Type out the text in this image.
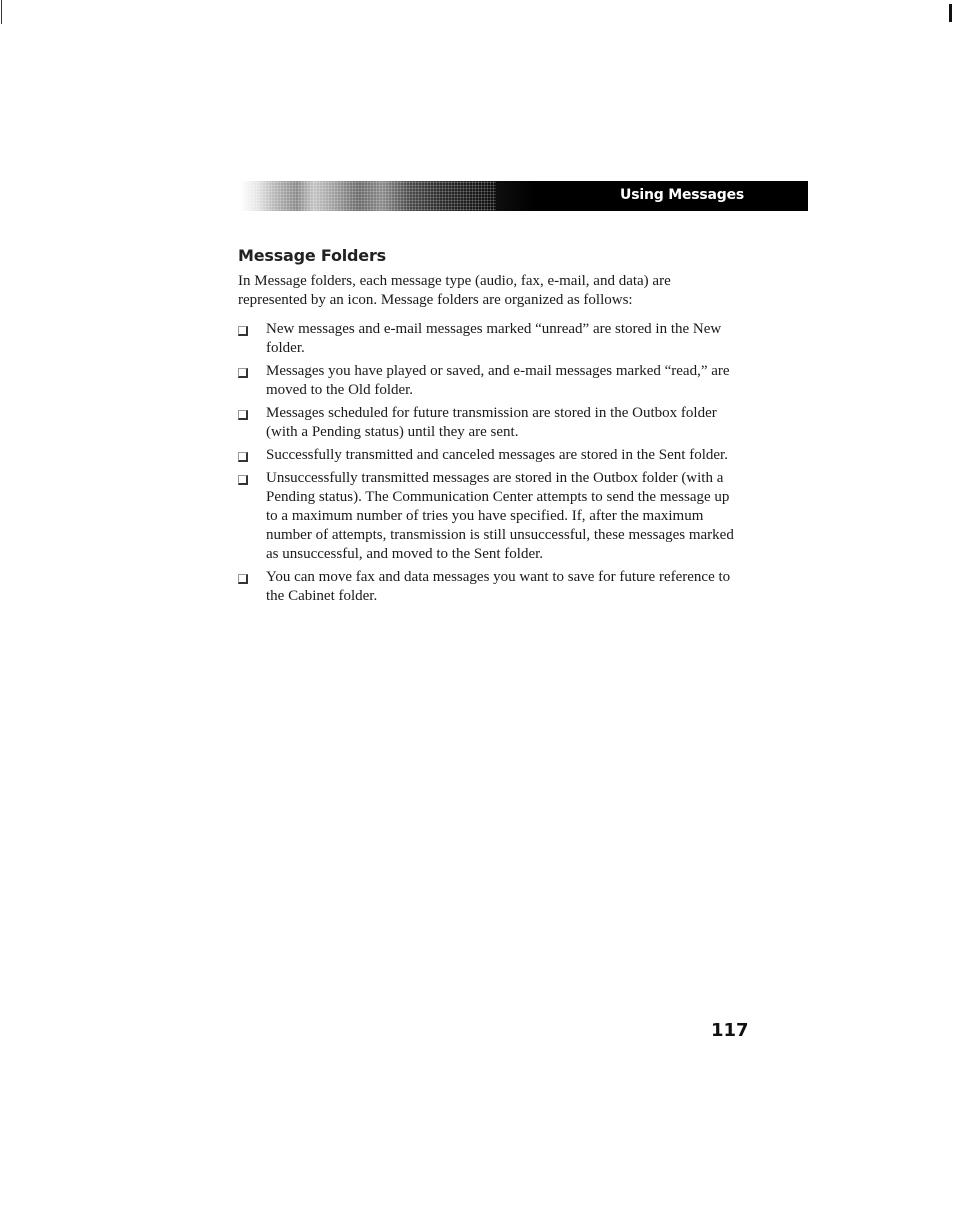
Using Messages
Message Folders

In Message folders, each message type (audio, fax, e-mail, and data) are represented by an icon. Message folders are organized as follows:

New messages and e-mail messages marked “unread” are stored in the New folder.
Messages you have played or saved, and e-mail messages marked “read,” are moved to the Old folder.
Messages scheduled for future transmission are stored in the Outbox folder (with a Pending status) until they are sent.
Successfully transmitted and canceled messages are stored in the Sent folder.
Unsuccessfully transmitted messages are stored in the Outbox folder (with a Pending status). The Communication Center attempts to send the message up to a maximum number of tries you have specified. If, after the maximum number of attempts, transmission is still unsuccessful, these messages marked as unsuccessful, and moved to the Sent folder.
You can move fax and data messages you want to save for future reference to the Cabinet folder.
117
